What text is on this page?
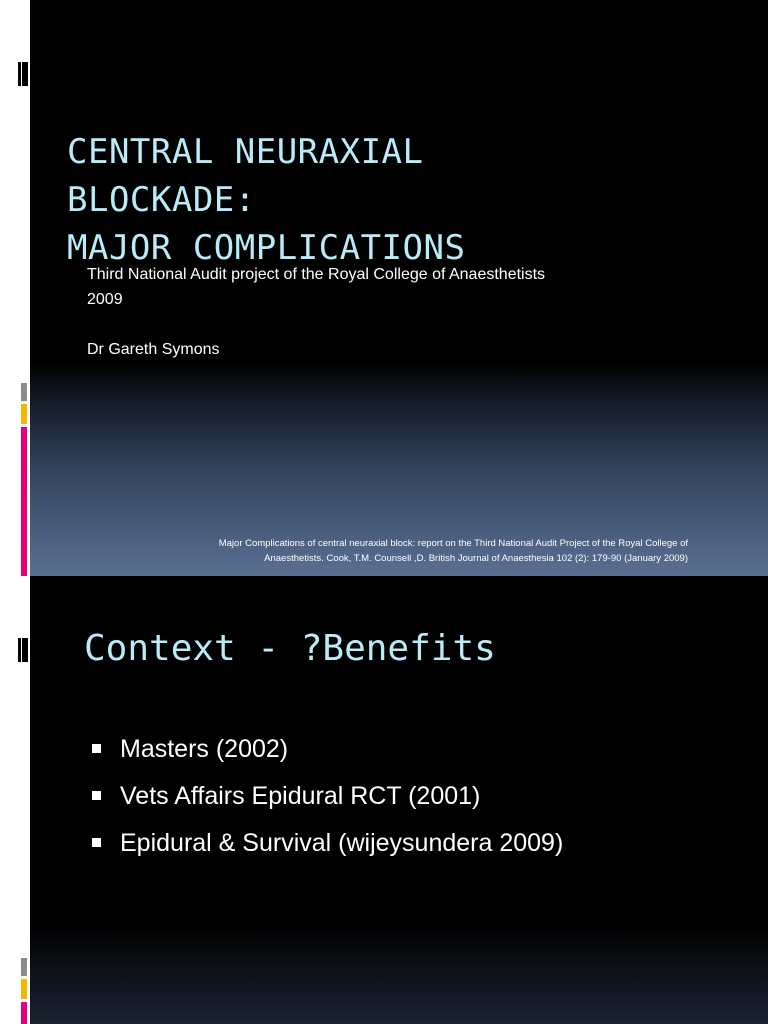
CENTRAL NEURAXIAL
BLOCKADE:
MAJOR COMPLICATIONS
Third National Audit project of the Royal College of Anaesthetists
2009
Dr Gareth Symons
Major Complications of central neuraxial block: report on the Third National Audit Project of the Royal College of
Anaesthetists. Cook, T.M. Counsell ,D. British Journal of Anaesthesia 102 (2): 179-90 (January 2009)
Context - ?Benefits
Masters (2002)
Vets Affairs Epidural RCT (2001)
Epidural & Survival (wijeysundera 2009)
